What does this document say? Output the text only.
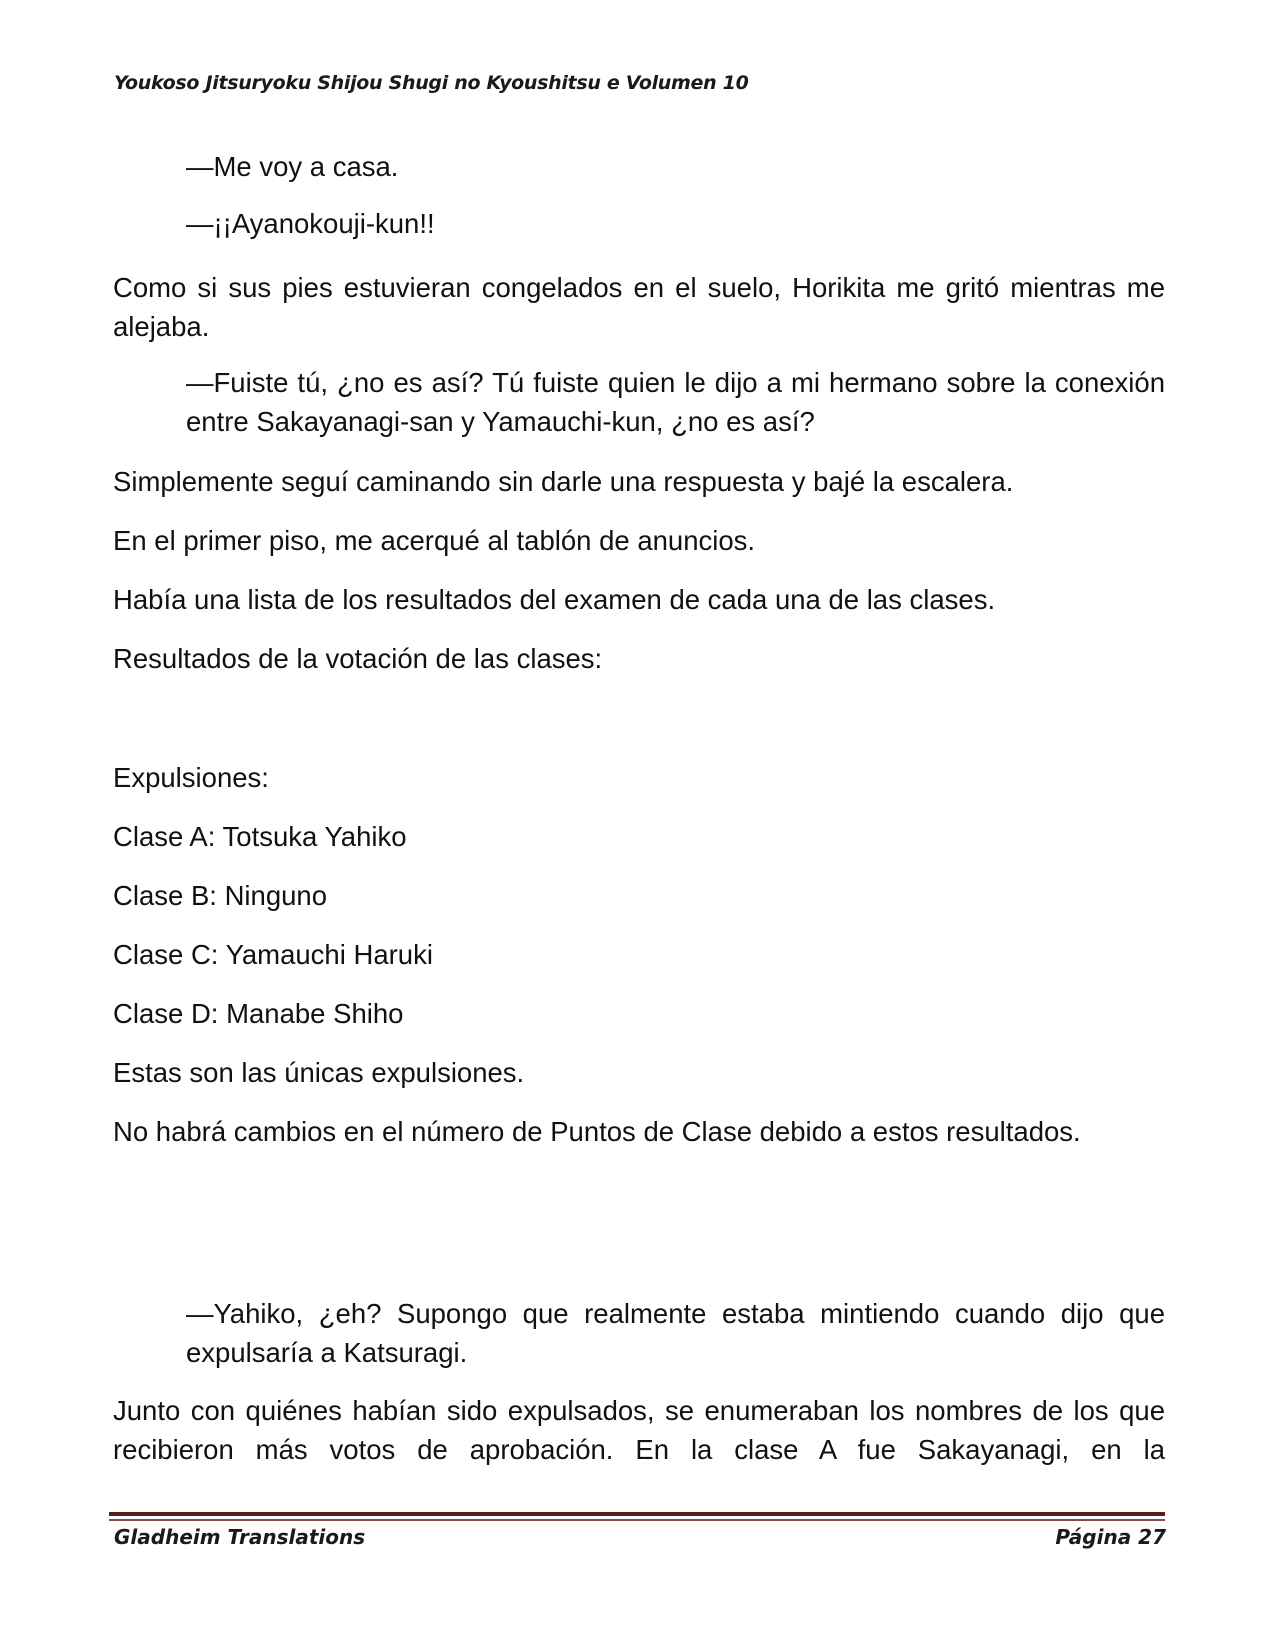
Youkoso Jitsuryoku Shijou Shugi no Kyoushitsu e Volumen 10
—Me voy a casa.
—¡¡Ayanokouji-kun!!
Como si sus pies estuvieran congelados en el suelo, Horikita me gritó mientras me alejaba.
—Fuiste tú, ¿no es así? Tú fuiste quien le dijo a mi hermano sobre la conexión entre Sakayanagi-san y Yamauchi-kun, ¿no es así?
Simplemente seguí caminando sin darle una respuesta y bajé la escalera.
En el primer piso, me acerqué al tablón de anuncios.
Había una lista de los resultados del examen de cada una de las clases.
Resultados de la votación de las clases:
Expulsiones:
Clase A: Totsuka Yahiko
Clase B: Ninguno
Clase C: Yamauchi Haruki
Clase D: Manabe Shiho
Estas son las únicas expulsiones.
No habrá cambios en el número de Puntos de Clase debido a estos resultados.
—Yahiko, ¿eh? Supongo que realmente estaba mintiendo cuando dijo que expulsaría a Katsuragi.
Junto con quiénes habían sido expulsados, se enumeraban los nombres de los que recibieron más votos de aprobación. En la clase A fue Sakayanagi, en la
Gladheim Translations	Página 27
